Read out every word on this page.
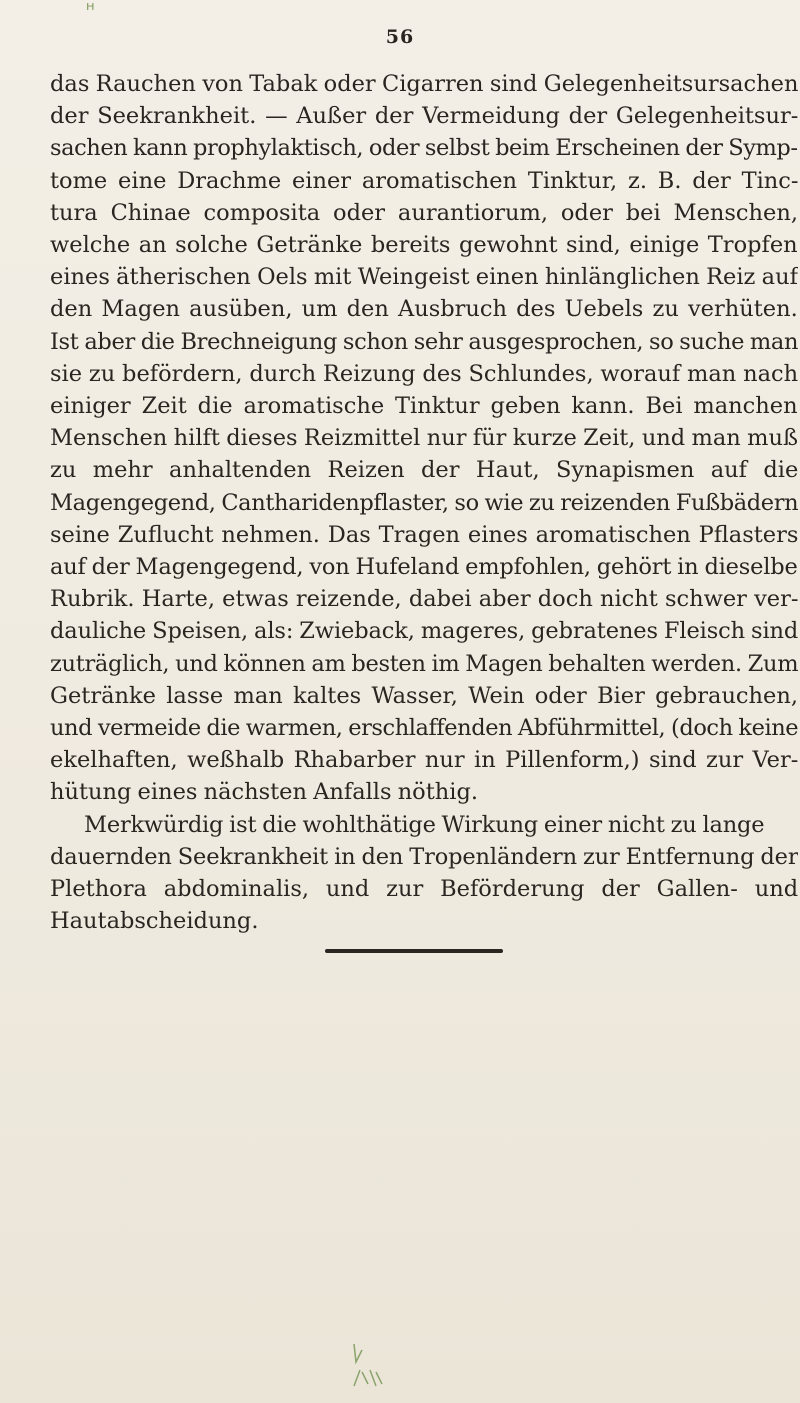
ᴴ
56

das Rauchen von Tabak oder Cigarren sind Gelegenheitsursachen
der Seekrankheit. — Außer der Vermeidung der Gelegenheitsur-
sachen kann prophylaktisch, oder selbst beim Erscheinen der Symp-
tome eine Drachme einer aromatischen Tinktur, z. B. der Tinc-
tura Chinae composita oder aurantiorum, oder bei Menschen,
welche an solche Getränke bereits gewohnt sind, einige Tropfen
eines ätherischen Oels mit Weingeist einen hinlänglichen Reiz auf
den Magen ausüben, um den Ausbruch des Uebels zu verhüten.
Ist aber die Brechneigung schon sehr ausgesprochen, so suche man
sie zu befördern, durch Reizung des Schlundes, worauf man nach
einiger Zeit die aromatische Tinktur geben kann. Bei manchen
Menschen hilft dieses Reizmittel nur für kurze Zeit, und man muß
zu mehr anhaltenden Reizen der Haut, Synapismen auf die
Magengegend, Cantharidenpflaster, so wie zu reizenden Fußbädern
seine Zuflucht nehmen. Das Tragen eines aromatischen Pflasters
auf der Magengegend, von Hufeland empfohlen, gehört in dieselbe
Rubrik. Harte, etwas reizende, dabei aber doch nicht schwer ver-
dauliche Speisen, als: Zwieback, mageres, gebratenes Fleisch sind
zuträglich, und können am besten im Magen behalten werden. Zum
Getränke lasse man kaltes Wasser, Wein oder Bier gebrauchen,
und vermeide die warmen, erschlaffenden Abführmittel, (doch keine
ekelhaften, weßhalb Rhabarber nur in Pillenform,) sind zur Ver-
hütung eines nächsten Anfalls nöthig.

Merkwürdig ist die wohlthätige Wirkung einer nicht zu lange
dauernden Seekrankheit in den Tropenländern zur Entfernung der
Plethora abdominalis, und zur Beförderung der Gallen- und
Hautabscheidung.
